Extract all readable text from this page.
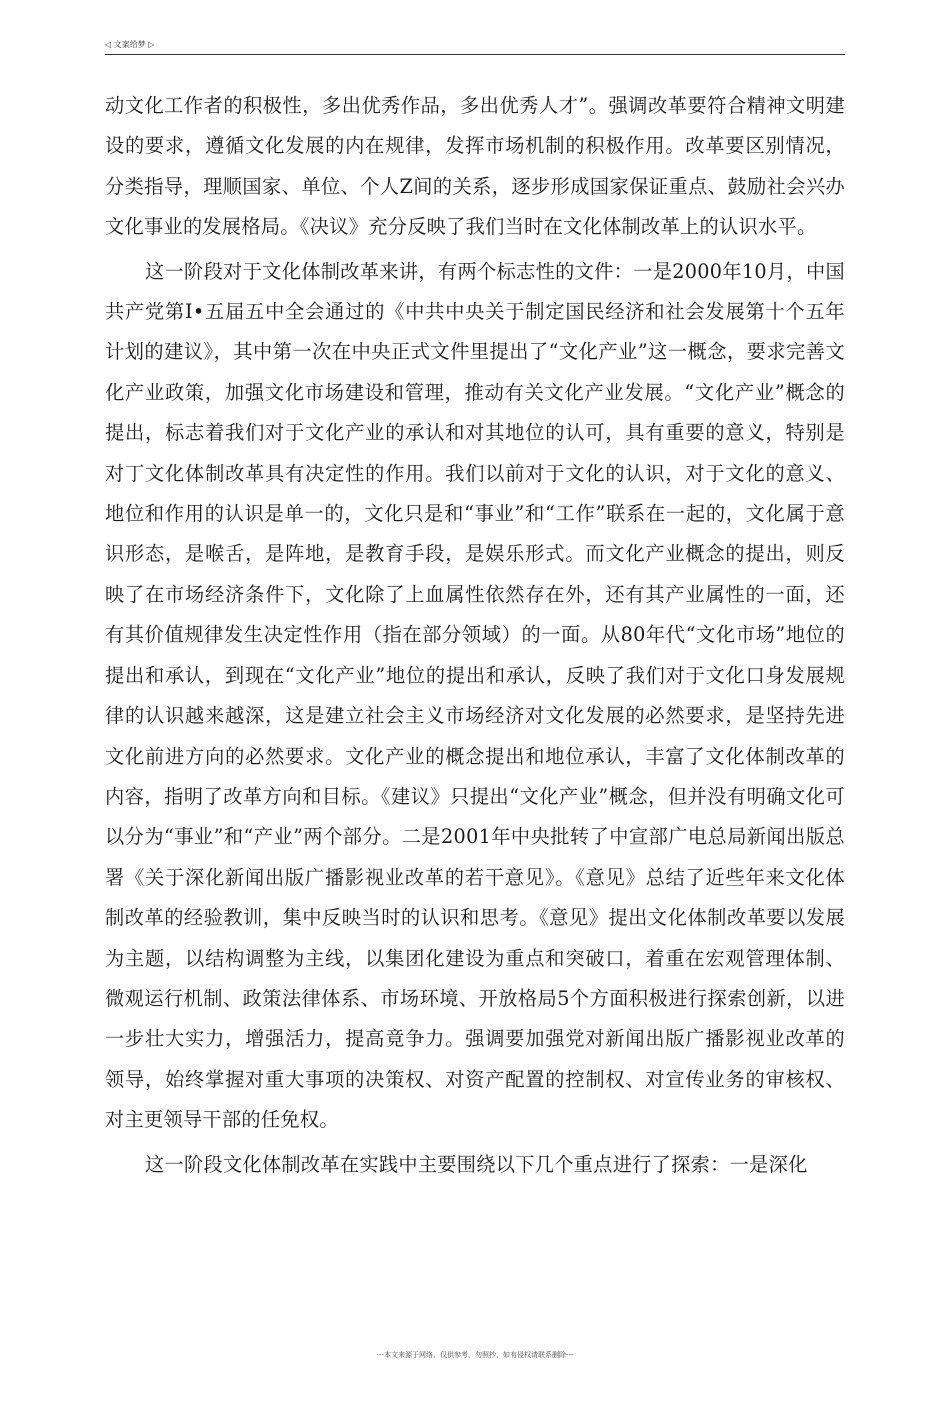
◁ 文案给梦 ▷

动文化工作者的积极性，多出优秀作品，多出优秀人才”。强调改革要符合精神文明建设的要求，遵循文化发展的内在规律，发挥市场机制的积极作用。改革要区别情况，分类指导，理顺国家、单位、个人Z间的关系，逐步形成国家保证重点、鼓励社会兴办文化事业的发展格局。《决议》充分反映了我们当时在文化体制改革上的认识水平。

这一阶段对于文化体制改革来讲，有两个标志性的文件：一是2000年10月，中国共产党第I•五届五中全会通过的《中共中央关于制定国民经济和社会发展第十个五年计划的建议》，其中第一次在中央正式文件里提出了“文化产业”这一概念，要求完善文化产业政策，加强文化市场建设和管理，推动有关文化产业发展。“文化产业”概念的提出，标志着我们对于文化产业的承认和对其地位的认可，具有重要的意义，特别是对丁文化体制改革具有决定性的作用。我们以前对于文化的认识，对于文化的意义、地位和作用的认识是单一的，文化只是和“事业”和“工作”联系在一起的，文化属于意识形态，是喉舌，是阵地，是教育手段，是娱乐形式。而文化产业概念的提出，则反映了在市场经济条件下，文化除了上血属性依然存在外，还有其产业属性的一面，还有其价值规律发生决定性作用（指在部分领域）的一面。从80年代“文化市场”地位的提出和承认，到现在“文化产业”地位的提出和承认，反映了我们对于文化口身发展规律的认识越来越深，这是建立社会主义市场经济对文化发展的必然要求，是坚持先进文化前进方向的必然要求。文化产业的概念提出和地位承认，丰富了文化体制改革的内容，指明了改革方向和目标。《建议》只提出“文化产业”概念，但并没有明确文化可以分为“事业”和“产业”两个部分。二是2001年中央批转了中宣部广电总局新闻出版总署《关于深化新闻出版广播影视业改革的若干意见》。《意见》总结了近些年来文化体制改革的经验教训，集中反映当时的认识和思考。《意见》提出文化体制改革要以发展为主题，以结构调整为主线，以集团化建设为重点和突破口，着重在宏观管理体制、微观运行机制、政策法律体系、市场环境、开放格局5个方面积极进行探索创新，以进一步壮大实力，增强活力，提高竟争力。强调要加强党对新闻出版广播影视业改革的领导，始终掌握对重大事项的决策权、对资产配置的控制权、对宣传业务的审核权、对主更领导干部的任免权。

这一阶段文化体制改革在实践中主要围绕以下几个重点进行了探索：一是深化

---本文来源于网络，仅供参考，勿照抄，如有侵权请联系删除---
